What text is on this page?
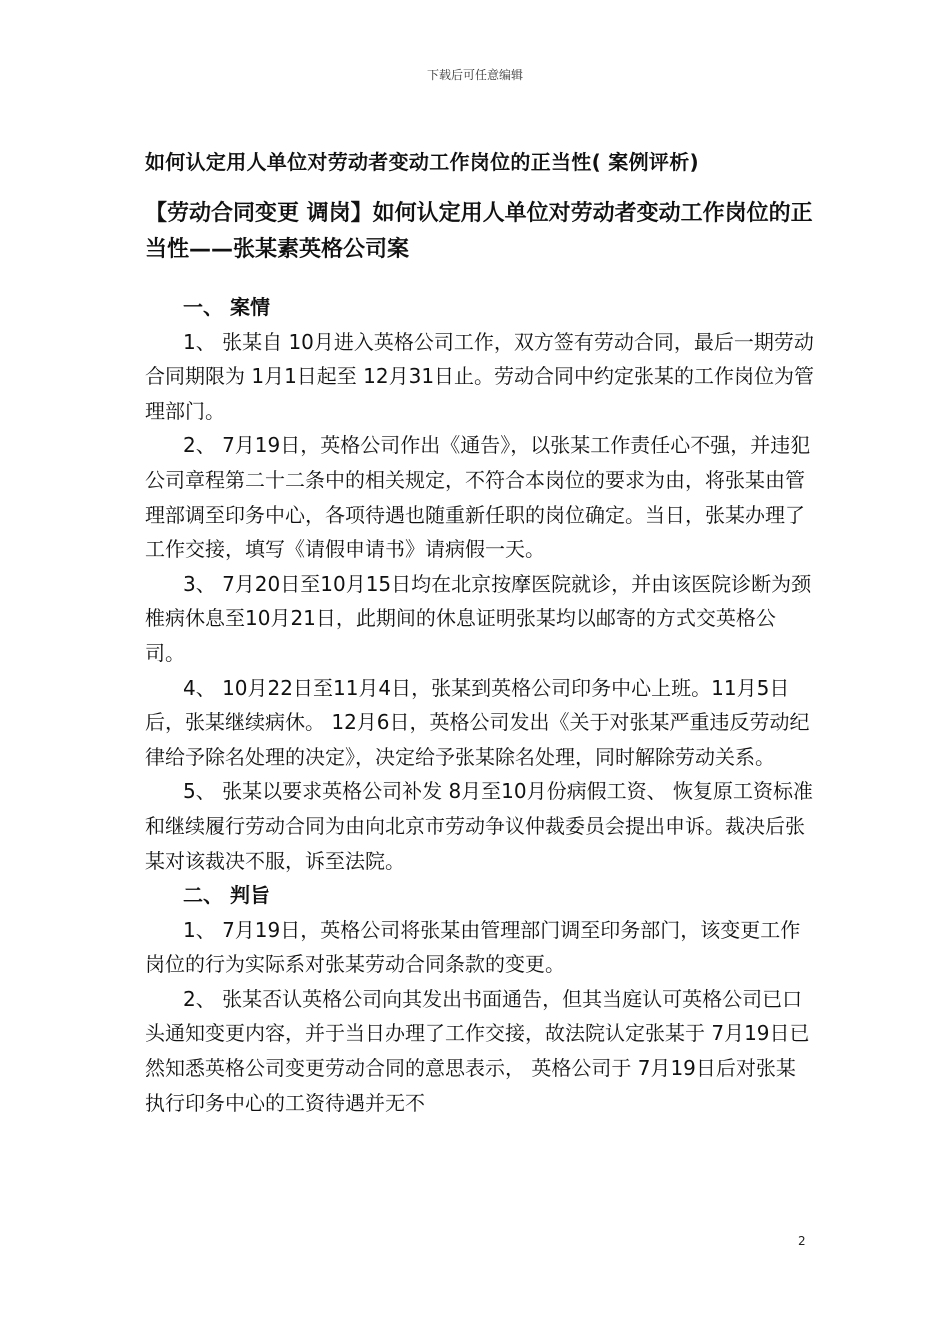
下载后可任意编辑
如何认定用人单位对劳动者变动工作岗位的正当性( 案例评析)
【劳动合同变更 调岗】如何认定用人单位对劳动者变动工作岗位的正当性——张某素英格公司案
一、 案情

1、 张某自 10月进入英格公司工作，双方签有劳动合同，最后一期劳动合同期限为 1月1日起至 12月31日止。劳动合同中约定张某的工作岗位为管理部门。

2、 7月19日，英格公司作出《通告》，以张某工作责任心不强，并违犯公司章程第二十二条中的相关规定，不符合本岗位的要求为由，将张某由管理部调至印务中心，各项待遇也随重新任职的岗位确定。当日，张某办理了工作交接，填写《请假申请书》请病假一天。

3、 7月20日至10月15日均在北京按摩医院就诊，并由该医院诊断为颈椎病休息至10月21日，此期间的休息证明张某均以邮寄的方式交英格公司。

4、 10月22日至11月4日，张某到英格公司印务中心上班。11月5日后，张某继续病休。 12月6日，英格公司发出《关于对张某严重违反劳动纪律给予除名处理的决定》，决定给予张某除名处理，同时解除劳动关系。

5、 张某以要求英格公司补发 8月至10月份病假工资、 恢复原工资标准和继续履行劳动合同为由向北京市劳动争议仲裁委员会提出申诉。裁决后张某对该裁决不服，诉至法院。

二、 判旨

1、 7月19日，英格公司将张某由管理部门调至印务部门，该变更工作岗位的行为实际系对张某劳动合同条款的变更。

2、 张某否认英格公司向其发出书面通告，但其当庭认可英格公司已口头通知变更内容，并于当日办理了工作交接，故法院认定张某于 7月19日已然知悉英格公司变更劳动合同的意思表示， 英格公司于 7月19日后对张某执行印务中心的工资待遇并无不

2
